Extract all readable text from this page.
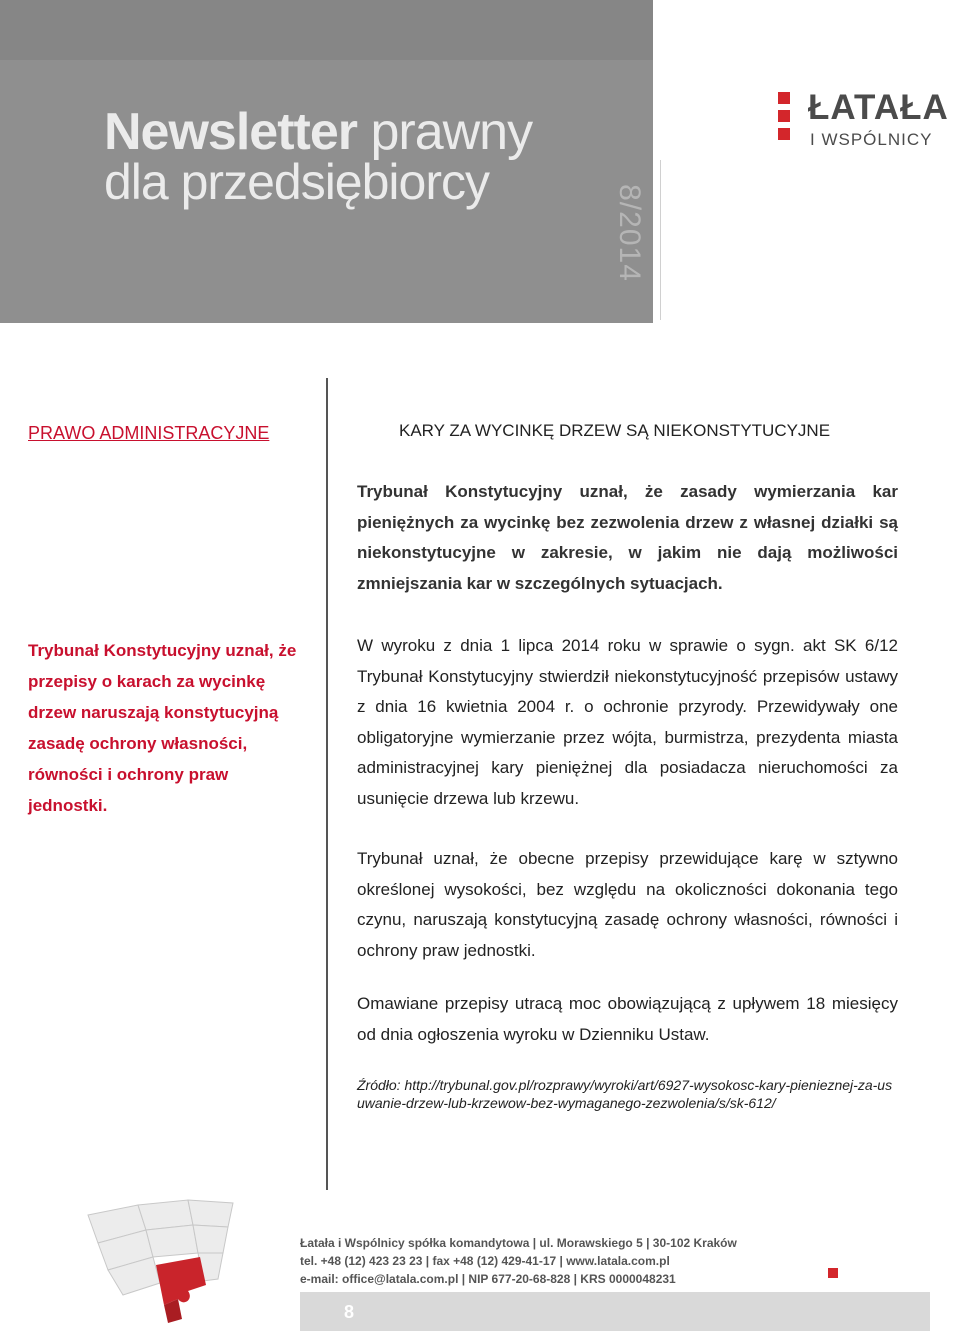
Newsletter prawny
dla przedsiębiorcy
8/2014
ŁATAŁA
I WSPÓLNICY
PRAWO ADMINISTRACYJNE

Trybunał Konstytucyjny uznał, że przepisy o karach za wycinkę drzew naruszają konstytucyjną zasadę ochrony własności, równości i ochrony praw jednostki.

KARY ZA WYCINKĘ DRZEW SĄ NIEKONSTYTUCYJNE

Trybunał Konstytucyjny uznał, że zasady wymierzania kar pieniężnych za wycinkę bez zezwolenia drzew z własnej działki są niekonstytucyjne w zakresie, w jakim nie dają możliwości zmniejszania kar w szczególnych sytuacjach.

W wyroku z dnia 1 lipca 2014 roku w sprawie o sygn. akt SK 6/12 Trybunał Konstytucyjny stwierdził niekonstytucyjność przepisów ustawy z dnia 16 kwietnia 2004 r. o ochronie przyrody. Przewidywały one obligatoryjne wymierzanie przez wójta, burmistrza, prezydenta miasta administracyjnej kary pieniężnej dla posiadacza nieruchomości za usunięcie drzewa lub krzewu.

Trybunał uznał, że obecne przepisy przewidujące karę w sztywno określonej wysokości, bez względu na okoliczności dokonania tego czynu, naruszają konstytucyjną zasadę ochrony własności, równości i ochrony praw jednostki.

Omawiane przepisy utracą moc obowiązującą z upływem 18 miesięcy od dnia ogłoszenia wyroku w Dzienniku Ustaw.

Źródło: http://trybunal.gov.pl/rozprawy/wyroki/art/6927-wysokosc-kary-pienieznej-za-usuwanie-drzew-lub-krzewow-bez-wymaganego-zezwolenia/s/sk-612/

Łatała i Wspólnicy spółka komandytowa | ul. Morawskiego 5 | 30-102 Kraków
tel. +48 (12) 423 23 23 | fax +48 (12) 429-41-17 | www.latala.com.pl
e-mail: office@latala.com.pl | NIP 677-20-68-828 | KRS 0000048231
8
